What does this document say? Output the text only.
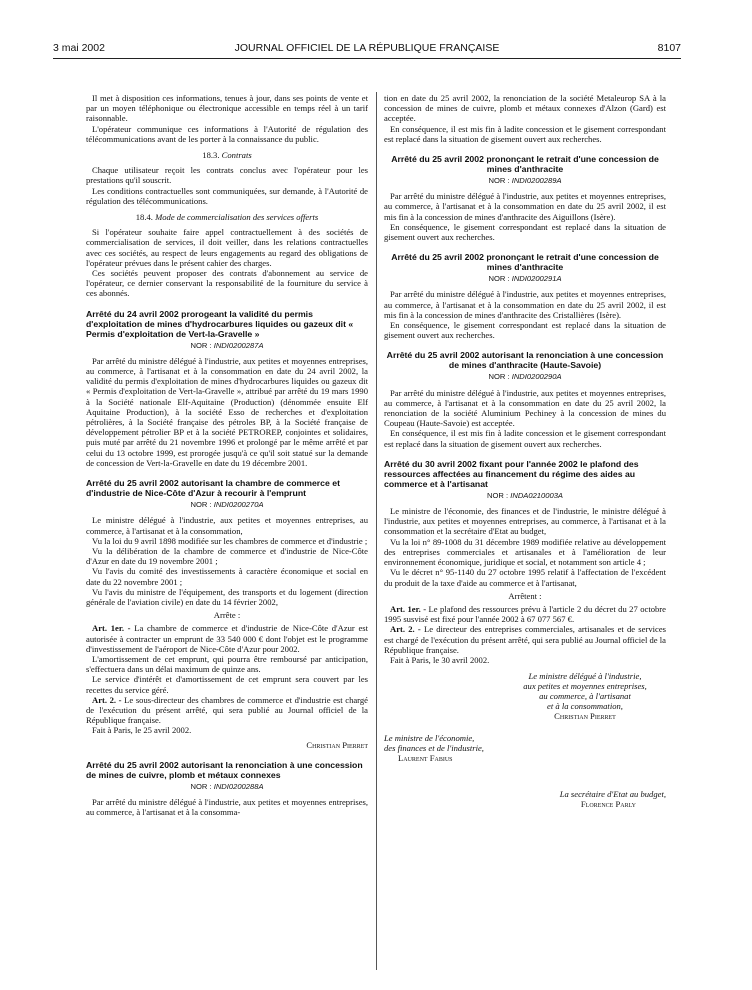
3 mai 2002	JOURNAL OFFICIEL DE LA RÉPUBLIQUE FRANÇAISE	8107

Il met à disposition ces informations, tenues à jour, dans ses points de vente et par un moyen téléphonique ou électronique accessible en temps réel à un tarif raisonnable.

L'opérateur communique ces informations à l'Autorité de régulation des télécommunications avant de les porter à la connaissance du public.

18.3. Contrats

Chaque utilisateur reçoit les contrats conclus avec l'opérateur pour les prestations qu'il souscrit.

Les conditions contractuelles sont communiquées, sur demande, à l'Autorité de régulation des télécommunications.

18.4. Mode de commercialisation des services offerts

Si l'opérateur souhaite faire appel contractuellement à des sociétés de commercialisation de services, il doit veiller, dans les relations contractuelles avec ces sociétés, au respect de leurs engagements au regard des obligations de l'opérateur prévues dans le présent cahier des charges.

Ces sociétés peuvent proposer des contrats d'abonnement au service de l'opérateur, ce dernier conservant la responsabilité de la fourniture du service à ces abonnés.

Arrêté du 24 avril 2002 prorogeant la validité du permis d'exploitation de mines d'hydrocarbures liquides ou gazeux dit « Permis d'exploitation de Vert-la-Gravelle »
NOR : INDI0200287A

Par arrêté du ministre délégué à l'industrie, aux petites et moyennes entreprises, au commerce, à l'artisanat et à la consommation en date du 24 avril 2002, la validité du permis d'exploitation de mines d'hydrocarbures liquides ou gazeux dit « Permis d'exploitation de Vert-la-Gravelle », attribué par arrêté du 19 mars 1990 à la Société nationale Elf-Aquitaine (Production) (dénommée ensuite Elf Aquitaine Production), à la société Esso de recherches et d'exploitation pétrolières, à la Société française des pétroles BP, à la Société française de développement pétrolier BP et à la société PETROREP, conjointes et solidaires, puis muté par arrêté du 21 novembre 1996 et prolongé par le même arrêté et par celui du 13 octobre 1999, est prorogée jusqu'à ce qu'il soit statué sur la demande de concession de Vert-la-Gravelle en date du 19 décembre 2001.

Arrêté du 25 avril 2002 autorisant la chambre de commerce et d'industrie de Nice-Côte d'Azur à recourir à l'emprunt
NOR : INDI0200270A

Le ministre délégué à l'industrie, aux petites et moyennes entreprises, au commerce, à l'artisanat et à la consommation,

Vu la loi du 9 avril 1898 modifiée sur les chambres de commerce et d'industrie ;

Vu la délibération de la chambre de commerce et d'industrie de Nice-Côte d'Azur en date du 19 novembre 2001 ;

Vu l'avis du comité des investissements à caractère économique et social en date du 22 novembre 2001 ;

Vu l'avis du ministre de l'équipement, des transports et du logement (direction générale de l'aviation civile) en date du 14 février 2002,

Arrête :

Art. 1er. - La chambre de commerce et d'industrie de Nice-Côte d'Azur est autorisée à contracter un emprunt de 33 540 000 € dont l'objet est le programme d'investissement de l'aéroport de Nice-Côte d'Azur pour 2002.

L'amortissement de cet emprunt, qui pourra être remboursé par anticipation, s'effectuera dans un délai maximum de quinze ans.

Le service d'intérêt et d'amortissement de cet emprunt sera couvert par les recettes du service géré.

Art. 2. - Le sous-directeur des chambres de commerce et d'industrie est chargé de l'exécution du présent arrêté, qui sera publié au Journal officiel de la République française.

Fait à Paris, le 25 avril 2002.

Christian Pierret

Arrêté du 25 avril 2002 autorisant la renonciation à une concession de mines de cuivre, plomb et métaux connexes
NOR : INDI0200288A

Par arrêté du ministre délégué à l'industrie, aux petites et moyennes entreprises, au commerce, à l'artisanat et à la consomma-

tion en date du 25 avril 2002, la renonciation de la société Metaleurop SA à la concession de mines de cuivre, plomb et métaux connexes d'Alzon (Gard) est acceptée.

En conséquence, il est mis fin à ladite concession et le gisement correspondant est replacé dans la situation de gisement ouvert aux recherches.

Arrêté du 25 avril 2002 prononçant le retrait d'une concession de mines d'anthracite
NOR : INDI0200289A

Par arrêté du ministre délégué à l'industrie, aux petites et moyennes entreprises, au commerce, à l'artisanat et à la consommation en date du 25 avril 2002, il est mis fin à la concession de mines d'anthracite des Aiguillons (Isère).

En conséquence, le gisement correspondant est replacé dans la situation de gisement ouvert aux recherches.

Arrêté du 25 avril 2002 prononçant le retrait d'une concession de mines d'anthracite
NOR : INDI0200291A

Par arrêté du ministre délégué à l'industrie, aux petites et moyennes entreprises, au commerce, à l'artisanat et à la consommation en date du 25 avril 2002, il est mis fin à la concession de mines d'anthracite des Cristallières (Isère).

En conséquence, le gisement correspondant est replacé dans la situation de gisement ouvert aux recherches.

Arrêté du 25 avril 2002 autorisant la renonciation à une concession de mines d'anthracite (Haute-Savoie)
NOR : INDI0200290A

Par arrêté du ministre délégué à l'industrie, aux petites et moyennes entreprises, au commerce, à l'artisanat et à la consommation en date du 25 avril 2002, la renonciation de la société Aluminium Pechiney à la concession de mines du Coupeau (Haute-Savoie) est acceptée.

En conséquence, il est mis fin à ladite concession et le gisement correspondant est replacé dans la situation de gisement ouvert aux recherches.

Arrêté du 30 avril 2002 fixant pour l'année 2002 le plafond des ressources affectées au financement du régime des aides au commerce et à l'artisanat
NOR : INDA0210003A

Le ministre de l'économie, des finances et de l'industrie, le ministre délégué à l'industrie, aux petites et moyennes entreprises, au commerce, à l'artisanat et à la consommation et la secrétaire d'Etat au budget,

Vu la loi n° 89-1008 du 31 décembre 1989 modifiée relative au développement des entreprises commerciales et artisanales et à l'amélioration de leur environnement économique, juridique et social, et notamment son article 4 ;

Vu le décret n° 95-1140 du 27 octobre 1995 relatif à l'affectation de l'excédent du produit de la taxe d'aide au commerce et à l'artisanat,

Arrêtent :

Art. 1er. - Le plafond des ressources prévu à l'article 2 du décret du 27 octobre 1995 susvisé est fixé pour l'année 2002 à 67 077 567 €.

Art. 2. - Le directeur des entreprises commerciales, artisanales et de services est chargé de l'exécution du présent arrêté, qui sera publié au Journal officiel de la République française.

Fait à Paris, le 30 avril 2002.

Le ministre délégué à l'industrie,
aux petites et moyennes entreprises,
au commerce, à l'artisanat
et à la consommation,
Christian Pierret
Le ministre de l'économie,
des finances et de l'industrie,
Laurent Fabius
La secrétaire d'Etat au budget,
Florence Parly
